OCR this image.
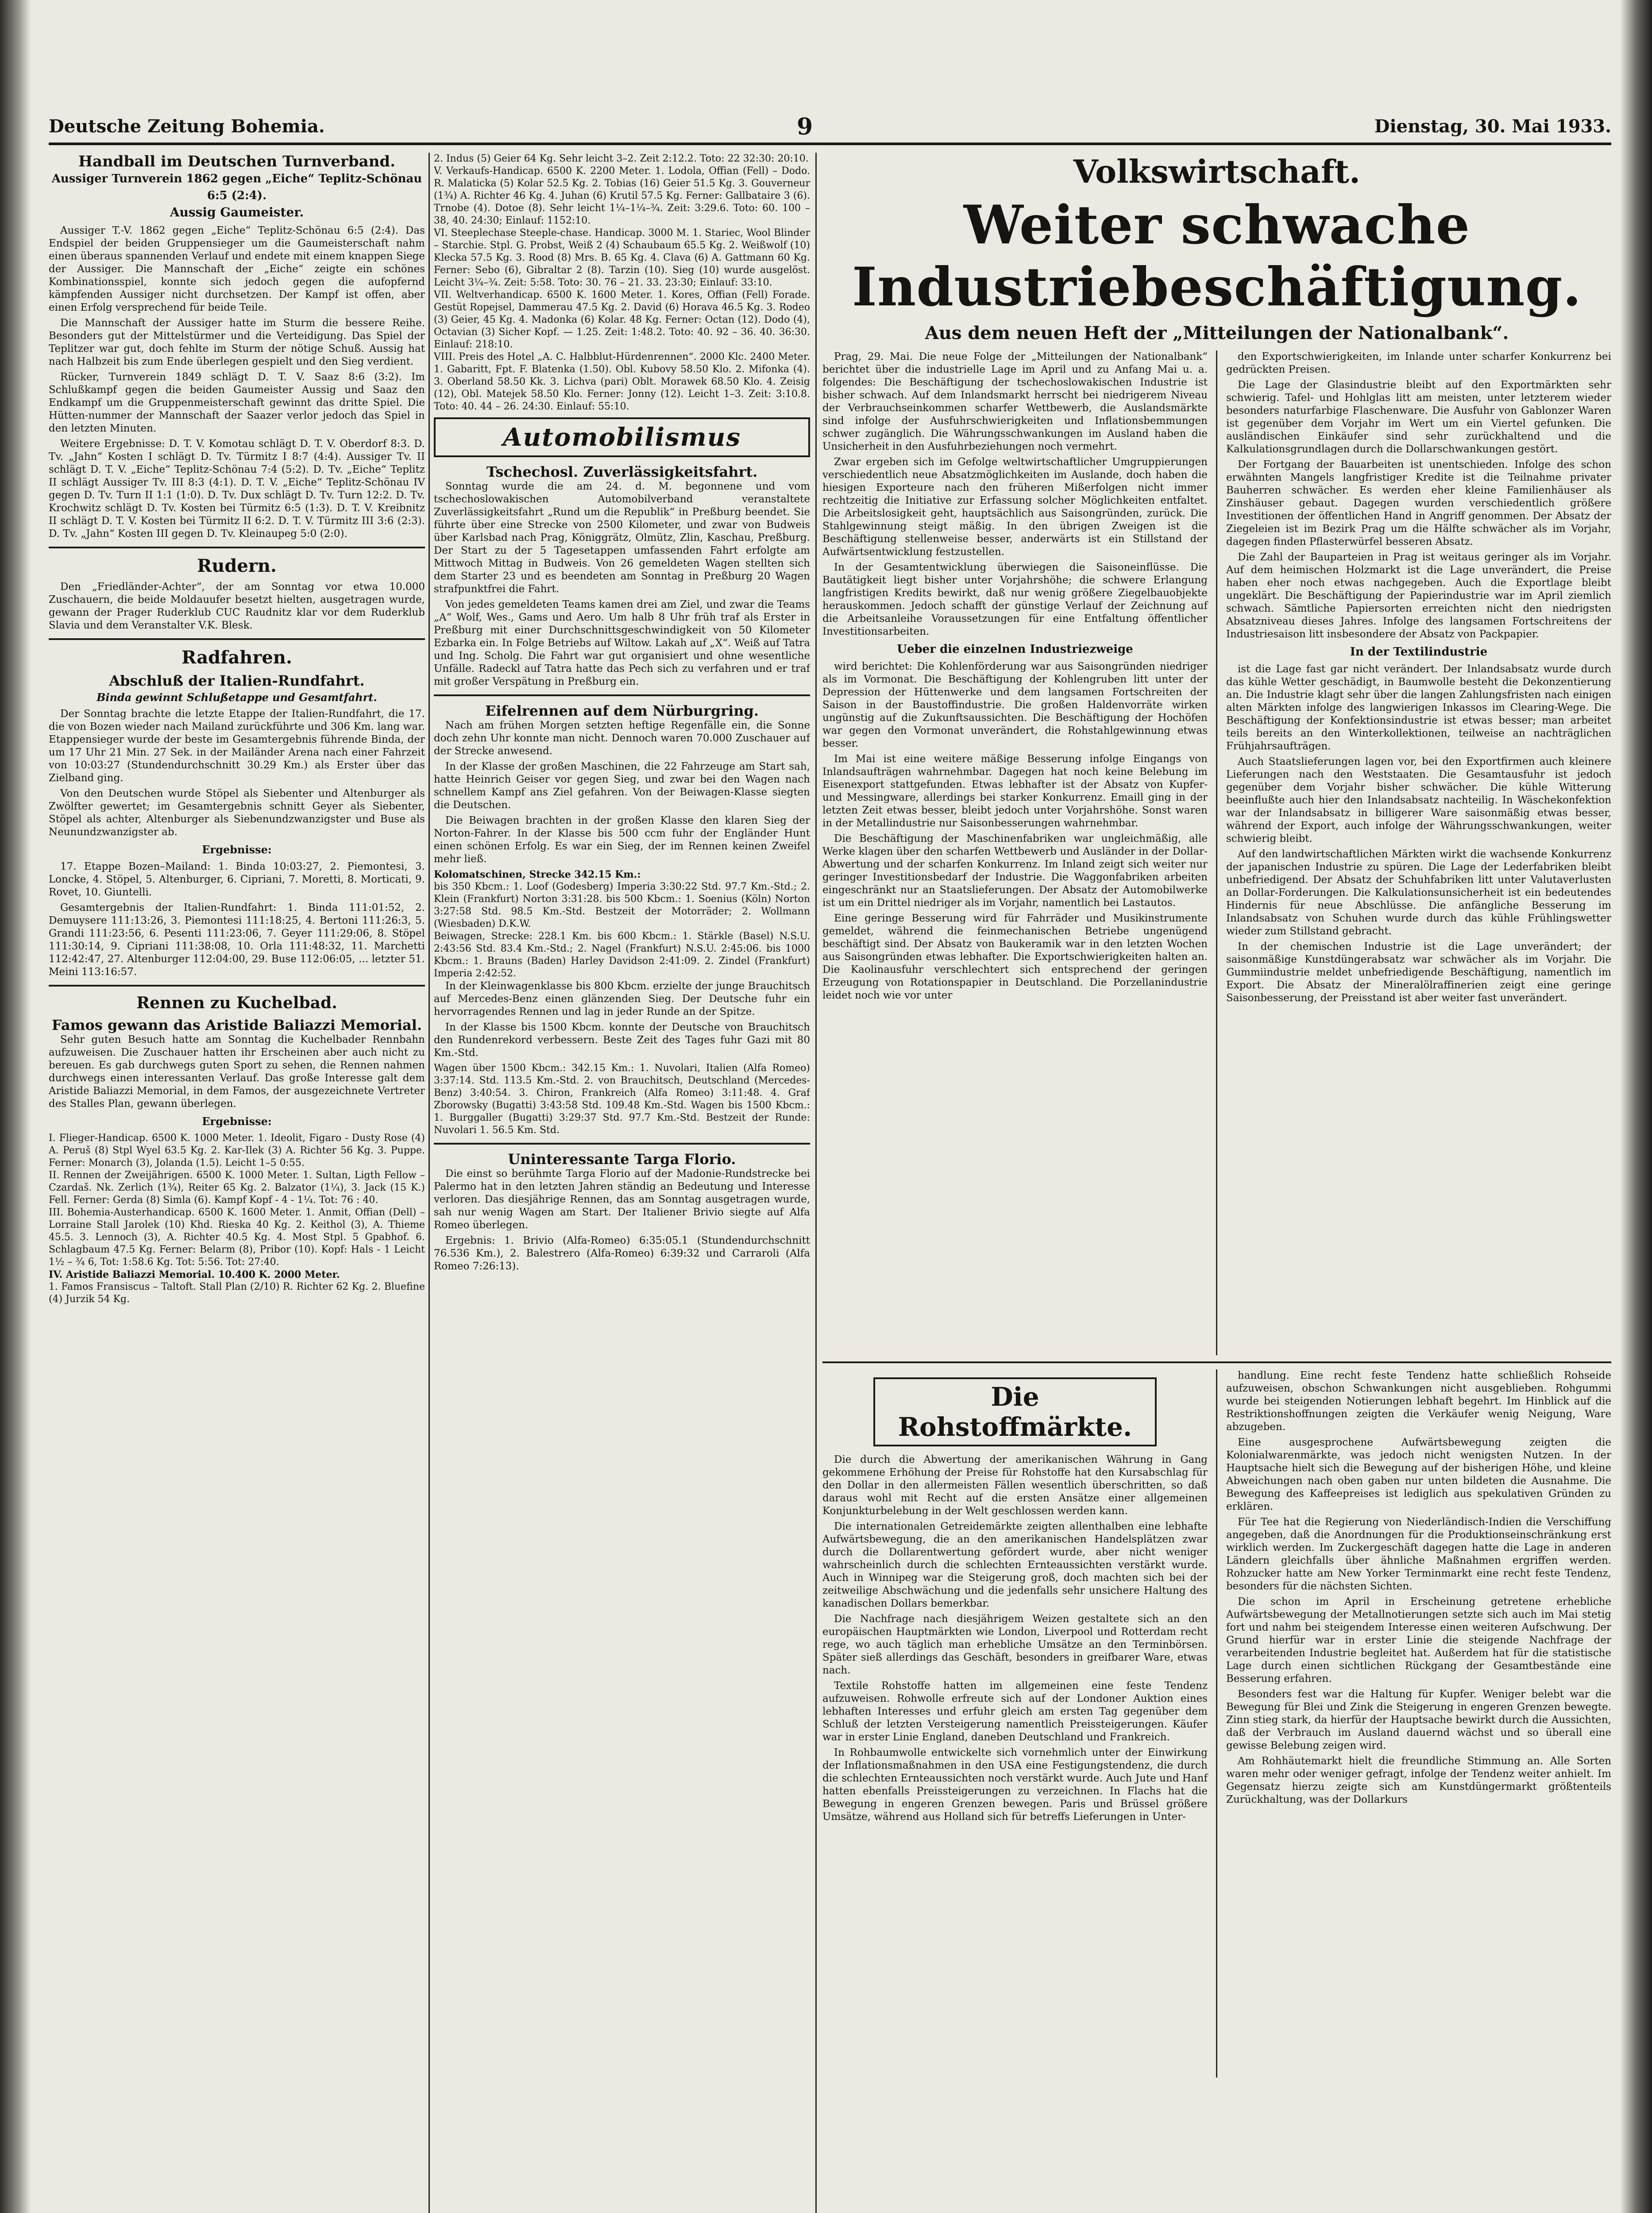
Deutsche Zeitung Bohemia.	9	Dienstag, 30. Mai 1933.
Handball im Deutschen Turnverband.
Aussiger Turnverein 1862 gegen „Eiche“ Teplitz-Schönau 6:5 (2:4).
Aussig Gaumeister.

Aussiger T.-V. 1862 gegen „Eiche“ Teplitz-Schönau 6:5 (2:4). Das Endspiel der beiden Gruppensieger um die Gaumeisterschaft nahm einen überaus spannenden Verlauf und endete mit einem knappen Siege der Aussiger. Die Mannschaft der „Eiche“ zeigte ein schönes Kombinationsspiel, konnte sich jedoch gegen die aufopfernd kämpfenden Aussiger nicht durchsetzen. Der Kampf ist offen, aber einen Erfolg versprechend für beide Teile.

Die Mannschaft der Aussiger hatte im Sturm die bessere Reihe. Besonders gut der Mittelstürmer und die Verteidigung. Das Spiel der Teplitzer war gut, doch fehlte im Sturm der nötige Schuß. Aussig hat nach Halbzeit bis zum Ende überlegen gespielt und den Sieg verdient.

Rücker, Turnverein 1849 schlägt D. T. V. Saaz 8:6 (3:2). Im Schlußkampf gegen die beiden Gaumeister Aussig und Saaz den Endkampf um die Gruppenmeisterschaft gewinnt das dritte Spiel. Die Hütten-nummer der Mannschaft der Saazer verlor jedoch das Spiel in den letzten Minuten.

Weitere Ergebnisse: D. T. V. Komotau schlägt D. T. V. Oberdorf 8:3. D. Tv. „Jahn“ Kosten I schlägt D. Tv. Türmitz I 8:7 (4:4). Aussiger Tv. II schlägt D. T. V. „Eiche“ Teplitz-Schönau 7:4 (5:2). D. Tv. „Eiche“ Teplitz II schlägt Aussiger Tv. III 8:3 (4:1). D. T. V. „Eiche“ Teplitz-Schönau IV gegen D. Tv. Turn II 1:1 (1:0). D. Tv. Dux schlägt D. Tv. Turn 12:2. D. Tv. Krochwitz schlägt D. Tv. Kosten bei Türmitz 6:5 (1:3). D. T. V. Kreibnitz II schlägt D. T. V. Kosten bei Türmitz II 6:2. D. T. V. Türmitz III 3:6 (2:3). D. Tv. „Jahn“ Kosten III gegen D. Tv. Kleinaupeg 5:0 (2:0).

Rudern.

Den „Friedländer-Achter“, der am Sonntag vor etwa 10.000 Zuschauern, die beide Moldauufer besetzt hielten, ausgetragen wurde, gewann der Prager Ruderklub CUC Raudnitz klar vor dem Ruderklub Slavia und dem Veranstalter V.K. Blesk.

Radfahren.
Abschluß der Italien-Rundfahrt.
Binda gewinnt Schlußetappe und Gesamtfahrt.

Der Sonntag brachte die letzte Etappe der Italien-Rundfahrt, die 17. die von Bozen wieder nach Mailand zurückführte und 306 Km. lang war. Etappensieger wurde der beste im Gesamtergebnis führende Binda, der um 17 Uhr 21 Min. 27 Sek. in der Mailänder Arena nach einer Fahrzeit von 10:03:27 (Stundendurchschnitt 30.29 Km.) als Erster über das Zielband ging.

Von den Deutschen wurde Stöpel als Siebenter und Altenburger als Zwölfter gewertet; im Gesamtergebnis schnitt Geyer als Siebenter, Stöpel als achter, Altenburger als Siebenundzwanzigster und Buse als Neunundzwanzigster ab.

Ergebnisse:

17. Etappe Bozen–Mailand: 1. Binda 10:03:27, 2. Piemontesi, 3. Loncke, 4. Stöpel, 5. Altenburger, 6. Cipriani, 7. Moretti, 8. Morticati, 9. Rovet, 10. Giuntelli.

Gesamtergebnis der Italien-Rundfahrt: 1. Binda 111:01:52, 2. Demuysere 111:13:26, 3. Piemontesi 111:18:25, 4. Bertoni 111:26:3, 5. Grandi 111:23:56, 6. Pesenti 111:23:06, 7. Geyer 111:29:06, 8. Stöpel 111:30:14, 9. Cipriani 111:38:08, 10. Orla 111:48:32, 11. Marchetti 112:42:47, 27. Altenburger 112:04:00, 29. Buse 112:06:05, ... letzter 51. Meini 113:16:57.

Rennen zu Kuchelbad.
Famos gewann das Aristide Baliazzi Memorial.

Sehr guten Besuch hatte am Sonntag die Kuchelbader Rennbahn aufzuweisen. Die Zuschauer hatten ihr Erscheinen aber auch nicht zu bereuen. Es gab durchwegs guten Sport zu sehen, die Rennen nahmen durchwegs einen interessanten Verlauf. Das große Interesse galt dem Aristide Baliazzi Memorial, in dem Famos, der ausgezeichnete Vertreter des Stalles Plan, gewann überlegen.

Ergebnisse:

I. Flieger-Handicap. 6500 K. 1000 Meter. 1. Ideolit, Figaro - Dusty Rose (4) A. Peruš (8) Stpl Wyel 63.5 Kg. 2. Kar-Ilek (3) A. Richter 56 Kg. 3. Puppe. Ferner: Monarch (3), Jolanda (1.5). Leicht 1–5 0:55.

II. Rennen der Zweijährigen. 6500 K. 1000 Meter. 1. Sultan, Ligth Fellow – Czardaš. Nk. Zerlich (1¾), Reiter 65 Kg. 2. Balzator (1¼), 3. Jack (15 K.) Fell. Ferner: Gerda (8) Simla (6). Kampf Kopf - 4 - 1¼. Tot: 76 : 40.

III. Bohemia-Austerhandicap. 6500 K. 1600 Meter. 1. Anmit, Offian (Dell) – Lorraine Stall Jarolek (10) Khd. Rieska 40 Kg. 2. Keithol (3), A. Thieme 45.5. 3. Lennoch (3), A. Richter 40.5 Kg. 4. Most Stpl. 5 Gpabhof. 6. Schlagbaum 47.5 Kg. Ferner: Belarm (8), Pribor (10). Kopf: Hals - 1 Leicht 1½ – ¾ 6, Tot: 1:58.6 Kg. Tot: 5:56. Tot: 27:40.

IV. Aristide Baliazzi Memorial. 10.400 K. 2000 Meter.

1. Famos Fransiscus – Taltoft. Stall Plan (2/10) R. Richter 62 Kg. 2. Bluefine (4) Jurzik 54 Kg.

2. Indus (5) Geier 64 Kg. Sehr leicht 3–2. Zeit 2:12.2. Toto: 22 32:30: 20:10.

V. Verkaufs-Handicap. 6500 K. 2200 Meter. 1. Lodola, Offian (Fell) – Dodo. R. Malaticka (5) Kolar 52.5 Kg. 2. Tobias (16) Geier 51.5 Kg. 3. Gouverneur (1¾) A. Richter 46 Kg. 4. Juhan (6) Krutil 57.5 Kg. Ferner: Gallbataire 3 (6). Trnobe (4). Dotoe (8). Sehr leicht 1¼–1¼–¾. Zeit: 3:29.6. Toto: 60. 100 – 38, 40. 24:30; Einlauf: 1152:10.

VI. Steeplechase Steeple-chase. Handicap. 3000 M. 1. Stariec, Wool Blinder – Starchie. Stpl. G. Probst, Weiß 2 (4) Schaubaum 65.5 Kg. 2. Weißwolf (10) Klecka 57.5 Kg. 3. Rood (8) Mrs. B. 65 Kg. 4. Clava (6) A. Gattmann 60 Kg. Ferner: Sebo (6), Gibraltar 2 (8). Tarzin (10). Sieg (10) wurde ausgelöst. Leicht 3¼–¾. Zeit: 5:58. Toto: 30. 76 – 21. 33. 23:30; Einlauf: 33:10.

VII. Weltverhandicap. 6500 K. 1600 Meter. 1. Kores, Offian (Fell) Forade. Gestüt Ropejsel, Dammerau 47.5 Kg. 2. David (6) Horava 46.5 Kg. 3. Rodeo (3) Geier, 45 Kg. 4. Madonka (6) Kolar. 48 Kg. Ferner: Octan (12). Dodo (4), Octavian (3) Sicher Kopf. — 1.25. Zeit: 1:48.2. Toto: 40. 92 – 36. 40. 36:30. Einlauf: 218:10.

VIII. Preis des Hotel „A. C. Halbblut-Hürdenrennen“. 2000 Klc. 2400 Meter. 1. Gabaritt, Fpt. F. Blatenka (1.50). Obl. Kubovy 58.50 Klo. 2. Mifonka (4). 3. Oberland 58.50 Kk. 3. Lichva (pari) Oblt. Morawek 68.50 Klo. 4. Zeisig (12), Obl. Matejek 58.50 Klo. Ferner: Jonny (12). Leicht 1–3. Zeit: 3:10.8. Toto: 40. 44 – 26. 24:30. Einlauf: 55:10.

Automobilismus
Tschechosl. Zuverlässigkeitsfahrt.

Sonntag wurde die am 24. d. M. begonnene und vom tschechoslowakischen Automobilverband veranstaltete Zuverlässigkeitsfahrt „Rund um die Republik“ in Preßburg beendet. Sie führte über eine Strecke von 2500 Kilometer, und zwar von Budweis über Karlsbad nach Prag, Königgrätz, Olmütz, Zlin, Kaschau, Preßburg. Der Start zu der 5 Tagesetappen umfassenden Fahrt erfolgte am Mittwoch Mittag in Budweis. Von 26 gemeldeten Wagen stellten sich dem Starter 23 und es beendeten am Sonntag in Preßburg 20 Wagen strafpunktfrei die Fahrt.

Von jedes gemeldeten Teams kamen drei am Ziel, und zwar die Teams „A“ Wolf, Wes., Gams und Aero. Um halb 8 Uhr früh traf als Erster in Preßburg mit einer Durchschnittsgeschwindigkeit von 50 Kilometer Ezbarka ein. In Folge Betriebs auf Wiltow. Lakah auf „X“. Weiß auf Tatra und Ing. Scholg. Die Fahrt war gut organisiert und ohne wesentliche Unfälle. Radeckl auf Tatra hatte das Pech sich zu verfahren und er traf mit großer Verspätung in Preßburg ein.

Eifelrennen auf dem Nürburgring.

Nach am frühen Morgen setzten heftige Regenfälle ein, die Sonne doch zehn Uhr konnte man nicht. Dennoch waren 70.000 Zuschauer auf der Strecke anwesend.

In der Klasse der großen Maschinen, die 22 Fahrzeuge am Start sah, hatte Heinrich Geiser vor gegen Sieg, und zwar bei den Wagen nach schnellem Kampf ans Ziel gefahren. Von der Beiwagen-Klasse siegten die Deutschen.

Die Beiwagen brachten in der großen Klasse den klaren Sieg der Norton-Fahrer. In der Klasse bis 500 ccm fuhr der Engländer Hunt einen schönen Erfolg. Es war ein Sieg, der im Rennen keinen Zweifel mehr ließ.

Kolomatschinen, Strecke 342.15 Km.:

bis 350 Kbcm.: 1. Loof (Godesberg) Imperia 3:30:22 Std. 97.7 Km.-Std.; 2. Klein (Frankfurt) Norton 3:31:28. bis 500 Kbcm.: 1. Soenius (Köln) Norton 3:27:58 Std. 98.5 Km.-Std. Bestzeit der Motorräder; 2. Wollmann (Wiesbaden) D.K.W.

Beiwagen, Strecke: 228.1 Km. bis 600 Kbcm.: 1. Stärkle (Basel) N.S.U. 2:43:56 Std. 83.4 Km.-Std.; 2. Nagel (Frankfurt) N.S.U. 2:45:06. bis 1000 Kbcm.: 1. Brauns (Baden) Harley Davidson 2:41:09. 2. Zindel (Frankfurt) Imperia 2:42:52.

In der Kleinwagenklasse bis 800 Kbcm. erzielte der junge Brauchitsch auf Mercedes-Benz einen glänzenden Sieg. Der Deutsche fuhr ein hervorragendes Rennen und lag in jeder Runde an der Spitze.

In der Klasse bis 1500 Kbcm. konnte der Deutsche von Brauchitsch den Rundenrekord verbessern. Beste Zeit des Tages fuhr Gazi mit 80 Km.-Std.

Wagen über 1500 Kbcm.: 342.15 Km.: 1. Nuvolari, Italien (Alfa Romeo) 3:37:14. Std. 113.5 Km.-Std. 2. von Brauchitsch, Deutschland (Mercedes-Benz) 3:40:54. 3. Chiron, Frankreich (Alfa Romeo) 3:11:48. 4. Graf Zborowsky (Bugatti) 3:43:58 Std. 109.48 Km.-Std. Wagen bis 1500 Kbcm.: 1. Burggaller (Bugatti) 3:29:37 Std. 97.7 Km.-Std. Bestzeit der Runde: Nuvolari 1. 56.5 Km. Std.

Uninteressante Targa Florio.

Die einst so berühmte Targa Florio auf der Madonie-Rundstrecke bei Palermo hat in den letzten Jahren ständig an Bedeutung und Interesse verloren. Das diesjährige Rennen, das am Sonntag ausgetragen wurde, sah nur wenig Wagen am Start. Der Italiener Brivio siegte auf Alfa Romeo überlegen.

Ergebnis: 1. Brivio (Alfa-Romeo) 6:35:05.1 (Stundendurchschnitt 76.536 Km.), 2. Balestrero (Alfa-Romeo) 6:39:32 und Carraroli (Alfa Romeo 7:26:13).

Volkswirtschaft.
Weiter schwache Industriebeschäftigung.
Aus dem neuen Heft der „Mitteilungen der Nationalbank“.

Prag, 29. Mai. Die neue Folge der „Mitteilungen der Nationalbank“ berichtet über die industrielle Lage im April und zu Anfang Mai u. a. folgendes: Die Beschäftigung der tschechoslowakischen Industrie ist bisher schwach. Auf dem Inlandsmarkt herrscht bei niedrigerem Niveau der Verbrauchseinkommen scharfer Wettbewerb, die Auslandsmärkte sind infolge der Ausfuhrschwierigkeiten und Inflationsbemmungen schwer zugänglich. Die Währungsschwankungen im Ausland haben die Unsicherheit in den Ausfuhrbeziehungen noch vermehrt.

Zwar ergeben sich im Gefolge weltwirtschaftlicher Umgruppierungen verschiedentlich neue Absatzmöglichkeiten im Auslande, doch haben die hiesigen Exporteure nach den früheren Mißerfolgen nicht immer rechtzeitig die Initiative zur Erfassung solcher Möglichkeiten entfaltet. Die Arbeitslosigkeit geht, hauptsächlich aus Saisongründen, zurück. Die Stahlgewinnung steigt mäßig. In den übrigen Zweigen ist die Beschäftigung stellenweise besser, anderwärts ist ein Stillstand der Aufwärtsentwicklung festzustellen.

In der Gesamtentwicklung überwiegen die Saisoneinflüsse. Die Bautätigkeit liegt bisher unter Vorjahrshöhe; die schwere Erlangung langfristigen Kredits bewirkt, daß nur wenig größere Ziegelbauobjekte herauskommen. Jedoch schafft der günstige Verlauf der Zeichnung auf die Arbeitsanleihe Voraussetzungen für eine Entfaltung öffentlicher Investitionsarbeiten.

Ueber die einzelnen Industriezweige

wird berichtet: Die Kohlenförderung war aus Saisongründen niedriger als im Vormonat. Die Beschäftigung der Kohlengruben litt unter der Depression der Hüttenwerke und dem langsamen Fortschreiten der Saison in der Baustoffindustrie. Die großen Haldenvorräte wirken ungünstig auf die Zukunftsaussichten. Die Beschäftigung der Hochöfen war gegen den Vormonat unverändert, die Rohstahlgewinnung etwas besser.

Im Mai ist eine weitere mäßige Besserung infolge Eingangs von Inlandsaufträgen wahrnehmbar. Dagegen hat noch keine Belebung im Eisenexport stattgefunden. Etwas lebhafter ist der Absatz von Kupfer- und Messingware, allerdings bei starker Konkurrenz. Emaill ging in der letzten Zeit etwas besser, bleibt jedoch unter Vorjahrshöhe. Sonst waren in der Metallindustrie nur Saisonbesserungen wahrnehmbar.

Die Beschäftigung der Maschinenfabriken war ungleichmäßig, alle Werke klagen über den scharfen Wettbewerb und Ausländer in der Dollar-Abwertung und der scharfen Konkurrenz. Im Inland zeigt sich weiter nur geringer Investitionsbedarf der Industrie. Die Waggonfabriken arbeiten eingeschränkt nur an Staatslieferungen. Der Absatz der Automobilwerke ist um ein Drittel niedriger als im Vorjahr, namentlich bei Lastautos.

Eine geringe Besserung wird für Fahrräder und Musikinstrumente gemeldet, während die feinmechanischen Betriebe ungenügend beschäftigt sind. Der Absatz von Baukeramik war in den letzten Wochen aus Saisongründen etwas lebhafter. Die Exportschwierigkeiten halten an. Die Kaolinausfuhr verschlechtert sich entsprechend der geringen Erzeugung von Rotationspapier in Deutschland. Die Porzellanindustrie leidet noch wie vor unter

den Exportschwierigkeiten, im Inlande unter scharfer Konkurrenz bei gedrückten Preisen.

Die Lage der Glasindustrie bleibt auf den Exportmärkten sehr schwierig. Tafel- und Hohlglas litt am meisten, unter letzterem wieder besonders naturfarbige Flaschenware. Die Ausfuhr von Gablonzer Waren ist gegenüber dem Vorjahr im Wert um ein Viertel gefunken. Die ausländischen Einkäufer sind sehr zurückhaltend und die Kalkulationsgrundlagen durch die Dollarschwankungen gestört.

Der Fortgang der Bauarbeiten ist unentschieden. Infolge des schon erwähnten Mangels langfristiger Kredite ist die Teilnahme privater Bauherren schwächer. Es werden eher kleine Familienhäuser als Zinshäuser gebaut. Dagegen wurden verschiedentlich größere Investitionen der öffentlichen Hand in Angriff genommen. Der Absatz der Ziegeleien ist im Bezirk Prag um die Hälfte schwächer als im Vorjahr, dagegen finden Pflasterwürfel besseren Absatz.

Die Zahl der Bauparteien in Prag ist weitaus geringer als im Vorjahr. Auf dem heimischen Holzmarkt ist die Lage unverändert, die Preise haben eher noch etwas nachgegeben. Auch die Exportlage bleibt ungeklärt. Die Beschäftigung der Papierindustrie war im April ziemlich schwach. Sämtliche Papiersorten erreichten nicht den niedrigsten Absatzniveau dieses Jahres. Infolge des langsamen Fortschreitens der Industriesaison litt insbesondere der Absatz von Packpapier.

In der Textilindustrie

ist die Lage fast gar nicht verändert. Der Inlandsabsatz wurde durch das kühle Wetter geschädigt, in Baumwolle besteht die Dekonzentierung an. Die Industrie klagt sehr über die langen Zahlungsfristen nach einigen alten Märkten infolge des langwierigen Inkassos im Clearing-Wege. Die Beschäftigung der Konfektionsindustrie ist etwas besser; man arbeitet teils bereits an den Winterkollektionen, teilweise an nachträglichen Frühjahrsaufträgen.

Auch Staatslieferungen lagen vor, bei den Exportfirmen auch kleinere Lieferungen nach den Weststaaten. Die Gesamtausfuhr ist jedoch gegenüber dem Vorjahr bisher schwächer. Die kühle Witterung beeinflußte auch hier den Inlandsabsatz nachteilig. In Wäschekonfektion war der Inlandsabsatz in billigerer Ware saisonmäßig etwas besser, während der Export, auch infolge der Währungsschwankungen, weiter schwierig bleibt.

Auf den landwirtschaftlichen Märkten wirkt die wachsende Konkurrenz der japanischen Industrie zu spüren. Die Lage der Lederfabriken bleibt unbefriedigend. Der Absatz der Schuhfabriken litt unter Valutaverlusten an Dollar-Forderungen. Die Kalkulationsunsicherheit ist ein bedeutendes Hindernis für neue Abschlüsse. Die anfängliche Besserung im Inlandsabsatz von Schuhen wurde durch das kühle Frühlingswetter wieder zum Stillstand gebracht.

In der chemischen Industrie ist die Lage unverändert; der saisonmäßige Kunstdüngerabsatz war schwächer als im Vorjahr. Die Gummiindustrie meldet unbefriedigende Beschäftigung, namentlich im Export. Die Absatz der Mineralölraffinerien zeigt eine geringe Saisonbesserung, der Preisstand ist aber weiter fast unverändert.

Die Rohstoffmärkte.

Die durch die Abwertung der amerikanischen Währung in Gang gekommene Erhöhung der Preise für Rohstoffe hat den Kursabschlag für den Dollar in den allermeisten Fällen wesentlich überschritten, so daß daraus wohl mit Recht auf die ersten Ansätze einer allgemeinen Konjunkturbelebung in der Welt geschlossen werden kann.

Die internationalen Getreidemärkte zeigten allenthalben eine lebhafte Aufwärtsbewegung, die an den amerikanischen Handelsplätzen zwar durch die Dollarentwertung gefördert wurde, aber nicht weniger wahrscheinlich durch die schlechten Ernteaussichten verstärkt wurde. Auch in Winnipeg war die Steigerung groß, doch machten sich bei der zeitweilige Abschwächung und die jedenfalls sehr unsichere Haltung des kanadischen Dollars bemerkbar.

Die Nachfrage nach diesjährigem Weizen gestaltete sich an den europäischen Hauptmärkten wie London, Liverpool und Rotterdam recht rege, wo auch täglich man erhebliche Umsätze an den Terminbörsen. Später sieß allerdings das Geschäft, besonders in greifbarer Ware, etwas nach.

Textile Rohstoffe hatten im allgemeinen eine feste Tendenz aufzuweisen. Rohwolle erfreute sich auf der Londoner Auktion eines lebhaften Interesses und erfuhr gleich am ersten Tag gegenüber dem Schluß der letzten Versteigerung namentlich Preissteigerungen. Käufer war in erster Linie England, daneben Deutschland und Frankreich.

In Rohbaumwolle entwickelte sich vornehmlich unter der Einwirkung der Inflationsmaßnahmen in den USA eine Festigungstendenz, die durch die schlechten Ernteaussichten noch verstärkt wurde. Auch Jute und Hanf hatten ebenfalls Preissteigerungen zu verzeichnen. In Flachs hat die Bewegung in engeren Grenzen bewegen. Paris und Brüssel größere Umsätze, während aus Holland sich für betreffs Lieferungen in Unter-

handlung. Eine recht feste Tendenz hatte schließlich Rohseide aufzuweisen, obschon Schwankungen nicht ausgeblieben. Rohgummi wurde bei steigenden Notierungen lebhaft begehrt. Im Hinblick auf die Restriktionshoffnungen zeigten die Verkäufer wenig Neigung, Ware abzugeben.

Eine ausgesprochene Aufwärtsbewegung zeigten die Kolonialwarenmärkte, was jedoch nicht wenigsten Nutzen. In der Hauptsache hielt sich die Bewegung auf der bisherigen Höhe, und kleine Abweichungen nach oben gaben nur unten bildeten die Ausnahme. Die Bewegung des Kaffeepreises ist lediglich aus spekulativen Gründen zu erklären.

Für Tee hat die Regierung von Niederländisch-Indien die Verschiffung angegeben, daß die Anordnungen für die Produktionseinschränkung erst wirklich werden. Im Zuckergeschäft dagegen hatte die Lage in anderen Ländern gleichfalls über ähnliche Maßnahmen ergriffen werden. Rohzucker hatte am New Yorker Terminmarkt eine recht feste Tendenz, besonders für die nächsten Sichten.

Die schon im April in Erscheinung getretene erhebliche Aufwärtsbewegung der Metallnotierungen setzte sich auch im Mai stetig fort und nahm bei steigendem Interesse einen weiteren Aufschwung. Der Grund hierfür war in erster Linie die steigende Nachfrage der verarbeitenden Industrie begleitet hat. Außerdem hat für die statistische Lage durch einen sichtlichen Rückgang der Gesamtbestände eine Besserung erfahren.

Besonders fest war die Haltung für Kupfer. Weniger belebt war die Bewegung für Blei und Zink die Steigerung in engeren Grenzen bewegte. Zinn stieg stark, da hierfür der Hauptsache bewirkt durch die Aussichten, daß der Verbrauch im Ausland dauernd wächst und so überall eine gewisse Belebung zeigen wird.

Am Rohhäutemarkt hielt die freundliche Stimmung an. Alle Sorten waren mehr oder weniger gefragt, infolge der Tendenz weiter anhielt. Im Gegensatz hierzu zeigte sich am Kunstdüngermarkt größtenteils Zurückhaltung, was der Dollarkurs
